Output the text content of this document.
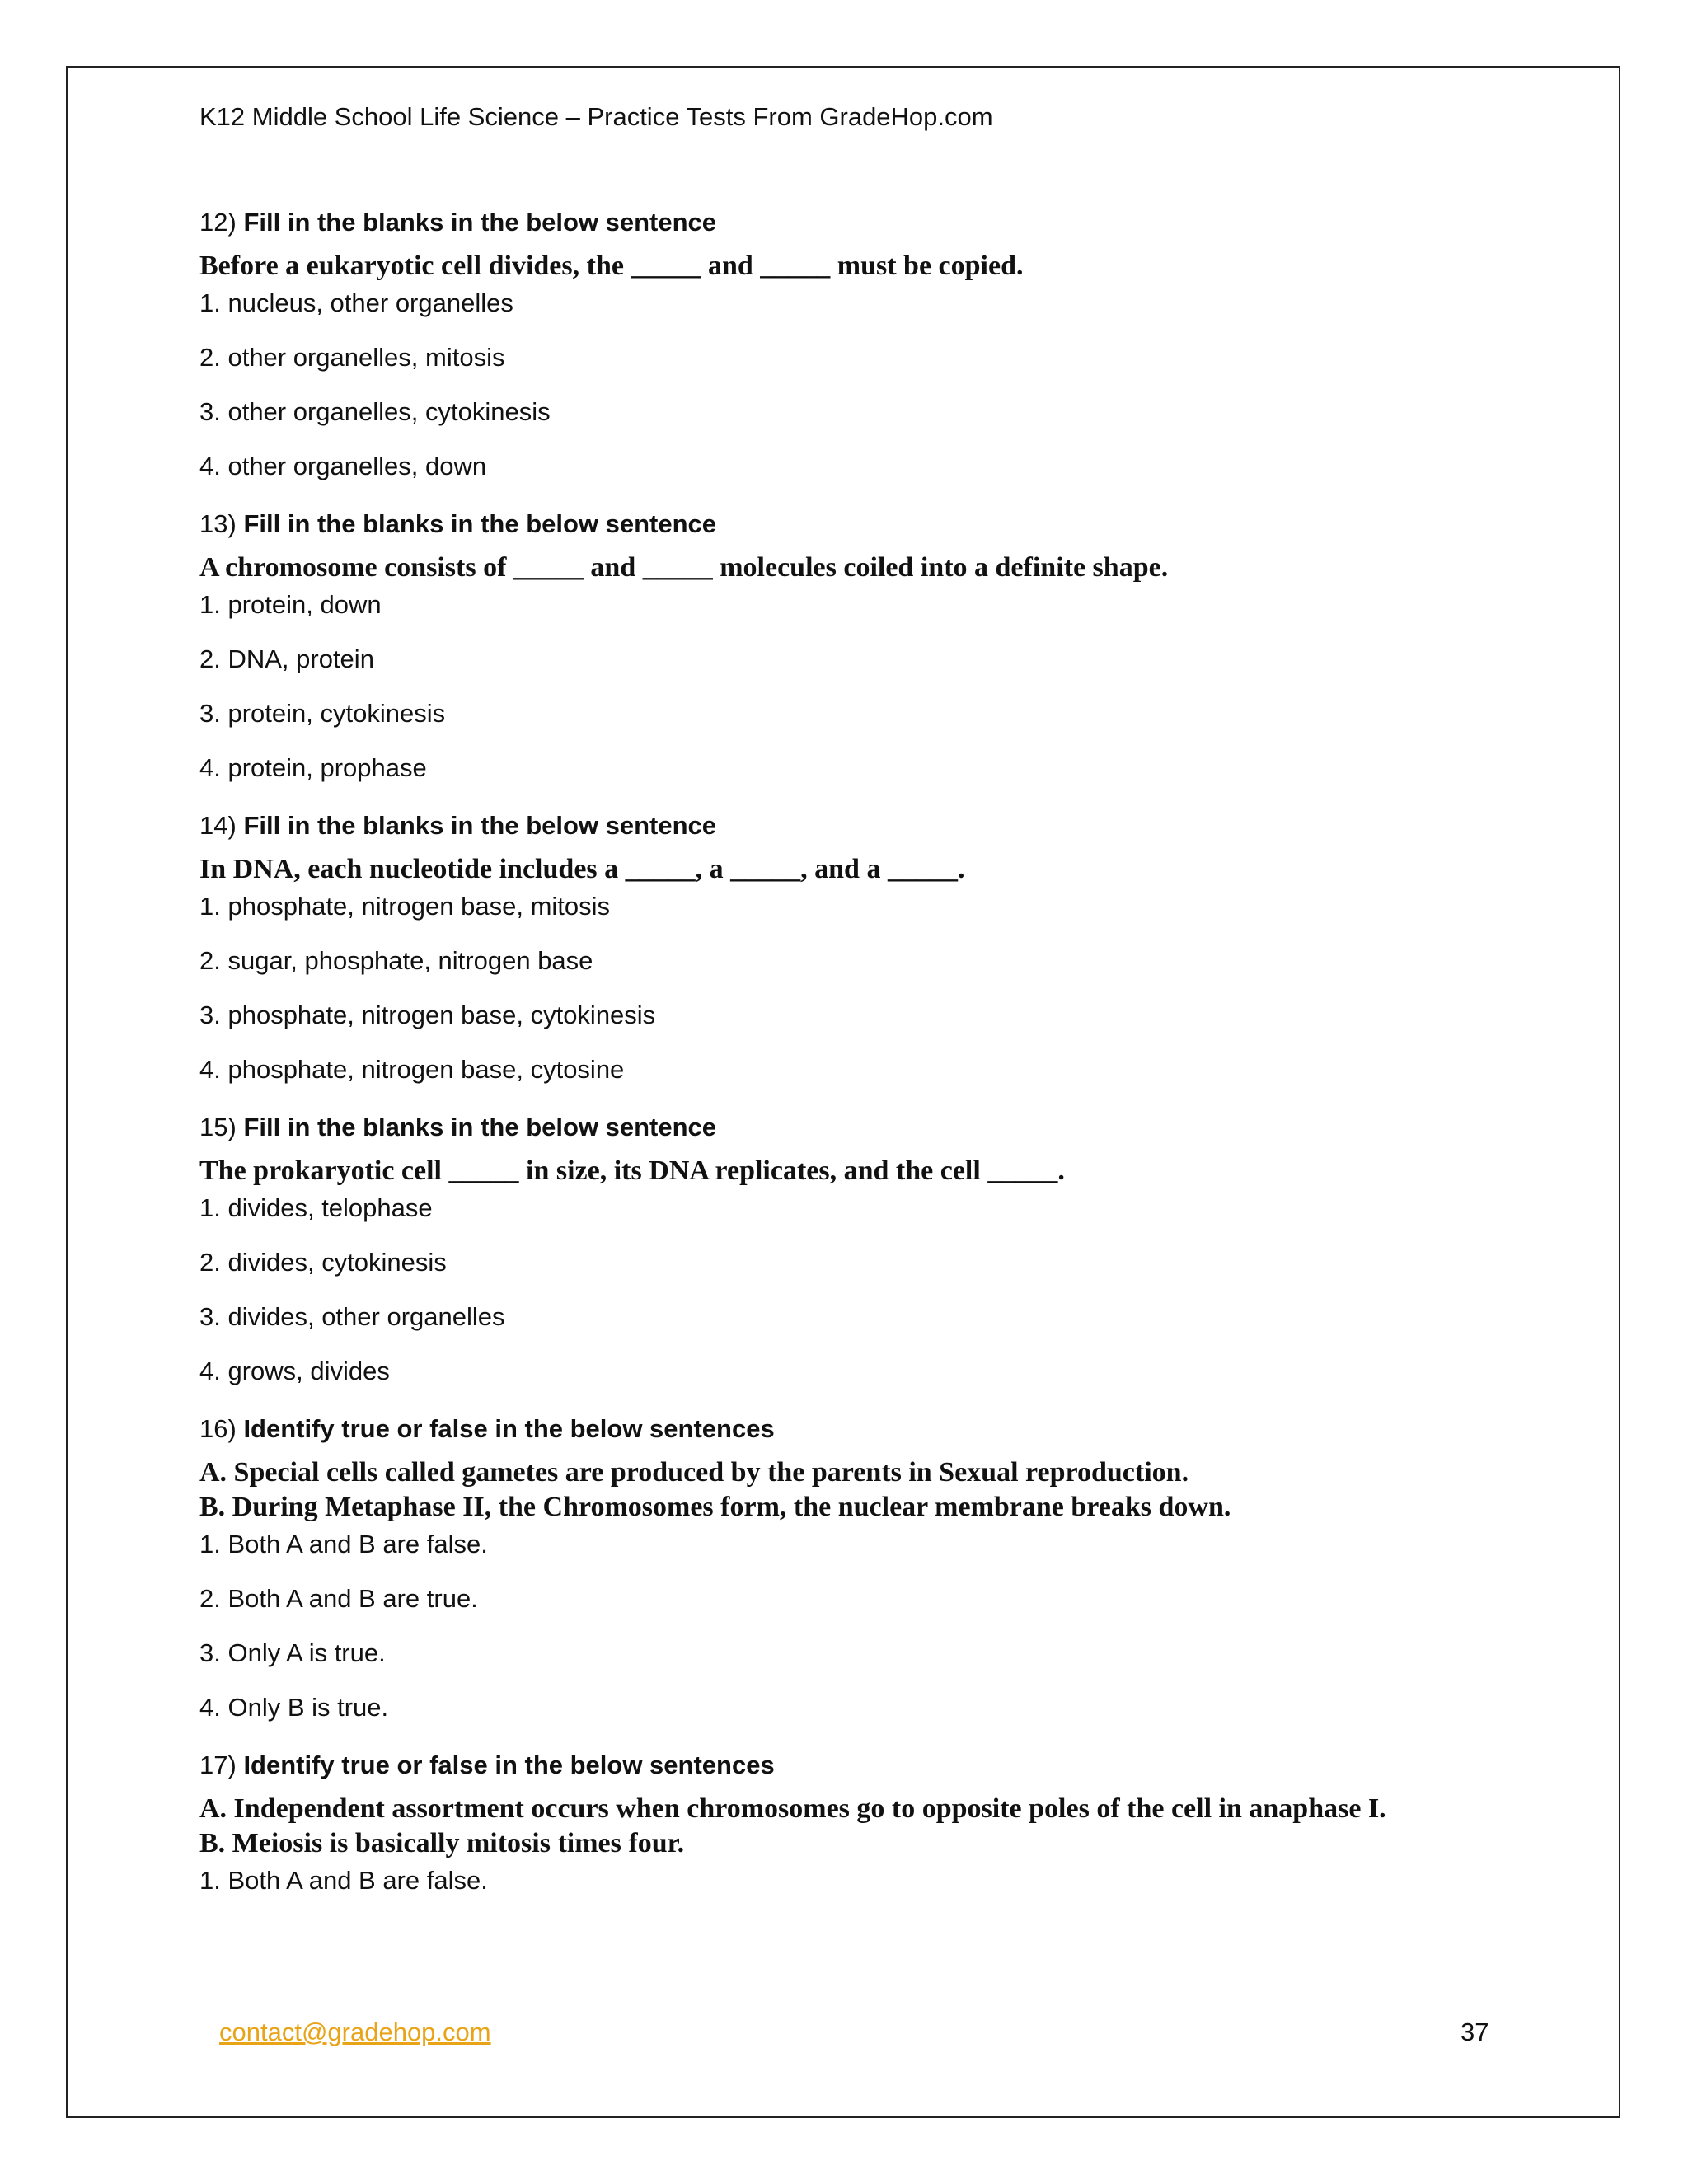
K12 Middle School Life Science – Practice Tests From GradeHop.com

12) Fill in the blanks in the below sentence

Before a eukaryotic cell divides, the _____ and _____ must be copied.

1. nucleus, other organelles
2. other organelles, mitosis
3. other organelles, cytokinesis
4. other organelles, down

13) Fill in the blanks in the below sentence

A chromosome consists of _____ and _____ molecules coiled into a definite shape.

1. protein, down
2. DNA, protein
3. protein, cytokinesis
4. protein, prophase

14) Fill in the blanks in the below sentence

In DNA, each nucleotide includes a _____, a _____, and a _____.

1. phosphate, nitrogen base, mitosis
2. sugar, phosphate, nitrogen base
3. phosphate, nitrogen base, cytokinesis
4. phosphate, nitrogen base, cytosine

15) Fill in the blanks in the below sentence

The prokaryotic cell _____ in size, its DNA replicates, and the cell _____.

1. divides, telophase
2. divides, cytokinesis
3. divides, other organelles
4. grows, divides

16) Identify true or false in the below sentences

A. Special cells called gametes are produced by the parents in Sexual reproduction.

B. During Metaphase II, the Chromosomes form, the nuclear membrane breaks down.

1. Both A and B are false.
2. Both A and B are true.
3. Only A is true.
4. Only B is true.

17) Identify true or false in the below sentences

A. Independent assortment occurs when chromosomes go to opposite poles of the cell in anaphase I.

B. Meiosis is basically mitosis times four.

1. Both A and B are false.
contact@gradehop.com	37
